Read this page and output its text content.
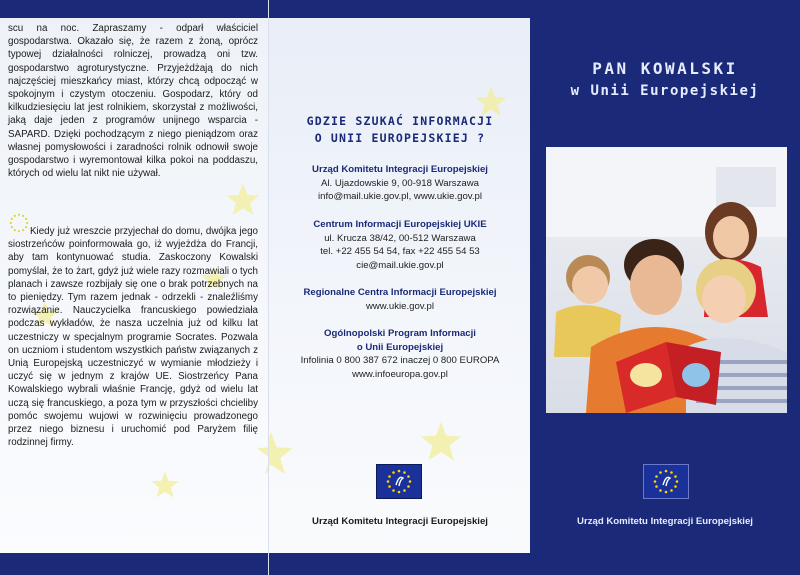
scu na noc. Zapraszamy - odparł właściciel gospodarstwa. Okazało się, że razem z żoną, oprócz typowej działalności rolniczej, prowadzą oni tzw. gospodarstwo agroturystyczne. Przyjeżdżają do nich najczęściej mieszkańcy miast, którzy chcą odpocząć w spokojnym i czystym otoczeniu. Gospodarz, który od kilkudziesięciu lat jest rolnikiem, skorzystał z możliwości, jaką daje jeden z programów unijnego wsparcia - SAPARD. Dzięki pochodzącym z niego pieniądzom oraz własnej pomysłowości i zaradności rolnik odnowił swoje gospodarstwo i wyremontował kilka pokoi na poddaszu, których od wielu lat nikt nie używał.
Kiedy już wreszcie przyjechał do domu, dwójka jego siostrzeńców poinformowała go, iż wyjeżdża do Francji, aby tam kontynuować studia. Zaskoczony Kowalski pomyślał, że to żart, gdyż już wiele razy rozmawiali o tych planach i zawsze rozbijały się one o brak potrzebnych na to pieniędzy. Tym razem jednak - odrzekli - znaleźliśmy rozwiązanie. Nauczycielka francuskiego powiedziała podczas wykładów, że nasza uczelnia już od kilku lat uczestniczy w specjalnym programie Socrates. Pozwala on uczniom i studentom wszystkich państw związanych z Unią Europejską uczestniczyć w wymianie młodzieży i uczyć się w jednym z krajów UE. Siostrzeńcy Pana Kowalskiego wybrali właśnie Francję, gdyż od wielu lat uczą się francuskiego, a poza tym w przyszłości chcieliby pomóc swojemu wujowi w rozwinięciu prowadzonego przez niego biznesu i uruchomić pod Paryżem filię rodzinnej firmy.
GDZIE SZUKAĆ INFORMACJI
O UNII EUROPEJSKIEJ ?
Urząd Komitetu Integracji Europejskiej
Al. Ujazdowskie 9, 00-918 Warszawa
info@mail.ukie.gov.pl, www.ukie.gov.pl
Centrum Informacji Europejskiej UKIE
ul. Krucza 38/42, 00-512 Warszawa
tel. +22 455 54 54, fax +22 455 54 53
cie@mail.ukie.gov.pl
Regionalne Centra Informacji Europejskiej
www.ukie.gov.pl
Ogólnopolski Program Informacji
o Unii Europejskiej
Infolinia 0 800 387 672 inaczej 0 800 EUROPA
www.infoeuropa.gov.pl
Urząd Komitetu Integracji Europejskiej
PAN KOWALSKI
w Unii Europejskiej
Urząd Komitetu Integracji Europejskiej
